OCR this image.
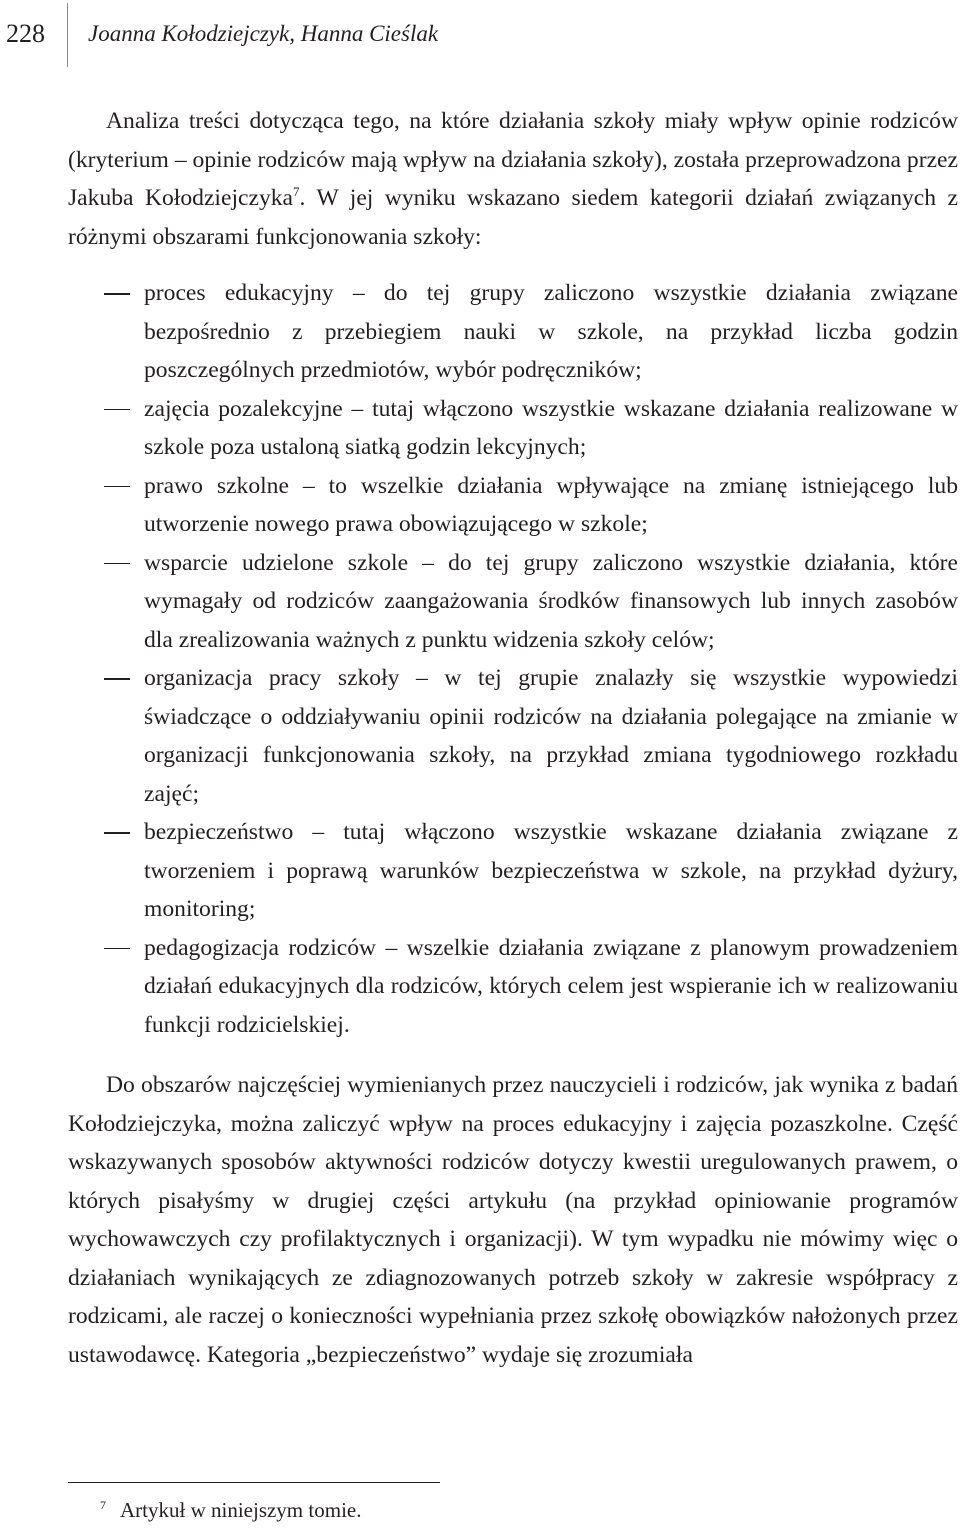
228 Joanna Kołodziejczyk, Hanna Cieślak

Analiza treści dotycząca tego, na które działania szkoły miały wpływ opinie rodziców (kryterium – opinie rodziców mają wpływ na działania szkoły), została przeprowadzona przez Jakuba Kołodziejczyka$^7$. W jej wyniku wskazano siedem kategorii działań związanych z różnymi obszarami funkcjonowania szkoły:

proces edukacyjny – do tej grupy zaliczono wszystkie działania związane bezpośrednio z przebiegiem nauki w szkole, na przykład liczba godzin poszczególnych przedmiotów, wybór podręczników;
zajęcia pozalekcyjne – tutaj włączono wszystkie wskazane działania realizowane w szkole poza ustaloną siatką godzin lekcyjnych;
prawo szkolne – to wszelkie działania wpływające na zmianę istniejącego lub utworzenie nowego prawa obowiązującego w szkole;
wsparcie udzielone szkole – do tej grupy zaliczono wszystkie działania, które wymagały od rodziców zaangażowania środków finansowych lub innych zasobów dla zrealizowania ważnych z punktu widzenia szkoły celów;
organizacja pracy szkoły – w tej grupie znalazły się wszystkie wypowiedzi świadczące o oddziaływaniu opinii rodziców na działania polegające na zmianie w organizacji funkcjonowania szkoły, na przykład zmiana tygodniowego rozkładu zajęć;
bezpieczeństwo – tutaj włączono wszystkie wskazane działania związane z tworzeniem i poprawą warunków bezpieczeństwa w szkole, na przykład dyżury, monitoring;
pedagogizacja rodziców – wszelkie działania związane z planowym prowadzeniem działań edukacyjnych dla rodziców, których celem jest wspieranie ich w realizowaniu funkcji rodzicielskiej.

Do obszarów najczęściej wymienianych przez nauczycieli i rodziców, jak wynika z badań Kołodziejczyka, można zaliczyć wpływ na proces edukacyjny i zajęcia pozaszkolne. Część wskazywanych sposobów aktywności rodziców dotyczy kwestii uregulowanych prawem, o których pisałyśmy w drugiej części artykułu (na przykład opiniowanie programów wychowawczych czy profilaktycznych i organizacji). W tym wypadku nie mówimy więc o działaniach wynikających ze zdiagnozowanych potrzeb szkoły w zakresie współpracy z rodzicami, ale raczej o konieczności wypełniania przez szkołę obowiązków nałożonych przez ustawodawcę. Kategoria „bezpieczeństwo” wydaje się zrozumiała

$^7$ Artykuł w niniejszym tomie.
